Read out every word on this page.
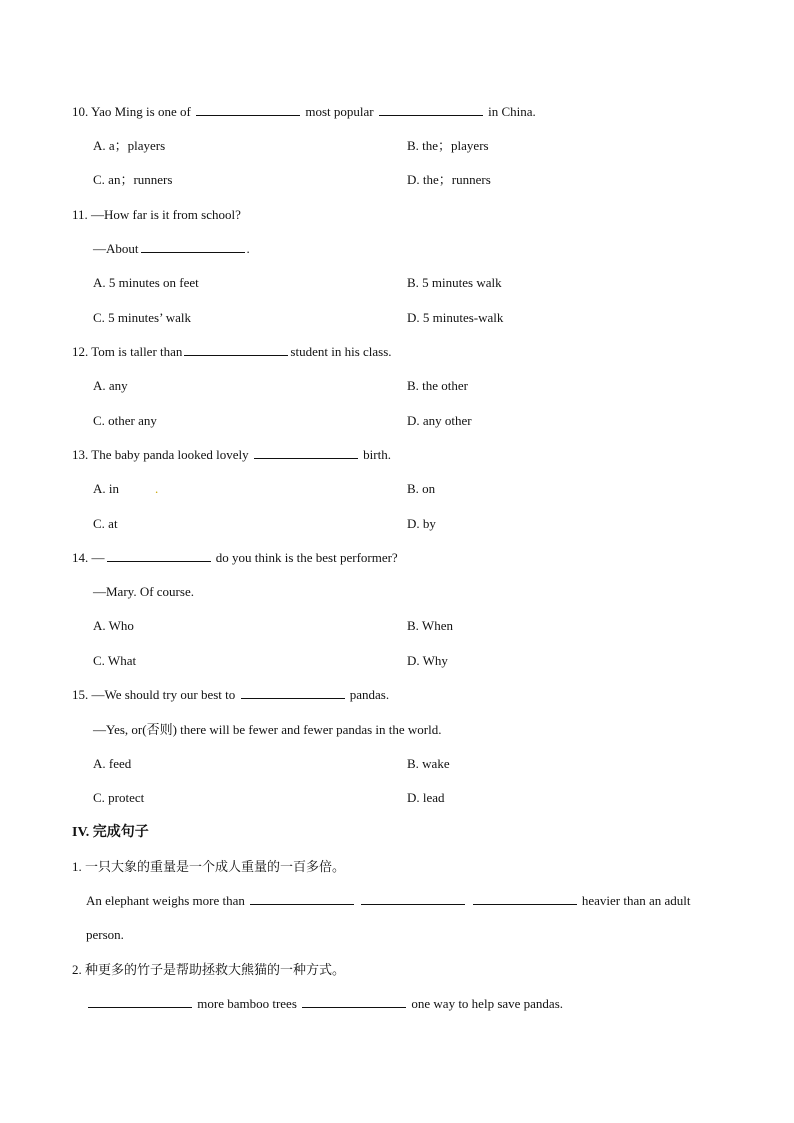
10. Yao Ming is one of	most popular	in China.
A. a；players	B. the；players
C. an；runners	D. the；runners
11. —How far is it from school?
—About	.
A. 5 minutes on feet	B. 5 minutes walk
C. 5 minutes’ walk	D. 5 minutes-walk
12. Tom is taller than	student in his class.
A. any	B. the other
C. other any	D. any other
13. The baby panda looked lovely	birth.
A. in	.	B. on
C. at	D. by
14. —	do you think is the best performer?
—Mary. Of course.
A. Who	B. When
C. What	D. Why
15. —We should try our best to	pandas.
—Yes, or(否则) there will be fewer and fewer pandas in the world.
A. feed	B. wake
C. protect	D. lead
IV. 完成句子
1. 一只大象的重量是一个成人重量的一百多倍。
An elephant weighs more than	heavier than an adult
person.
2. 种更多的竹子是帮助拯救大熊猫的一种方式。
more bamboo trees	one way to help save pandas.
